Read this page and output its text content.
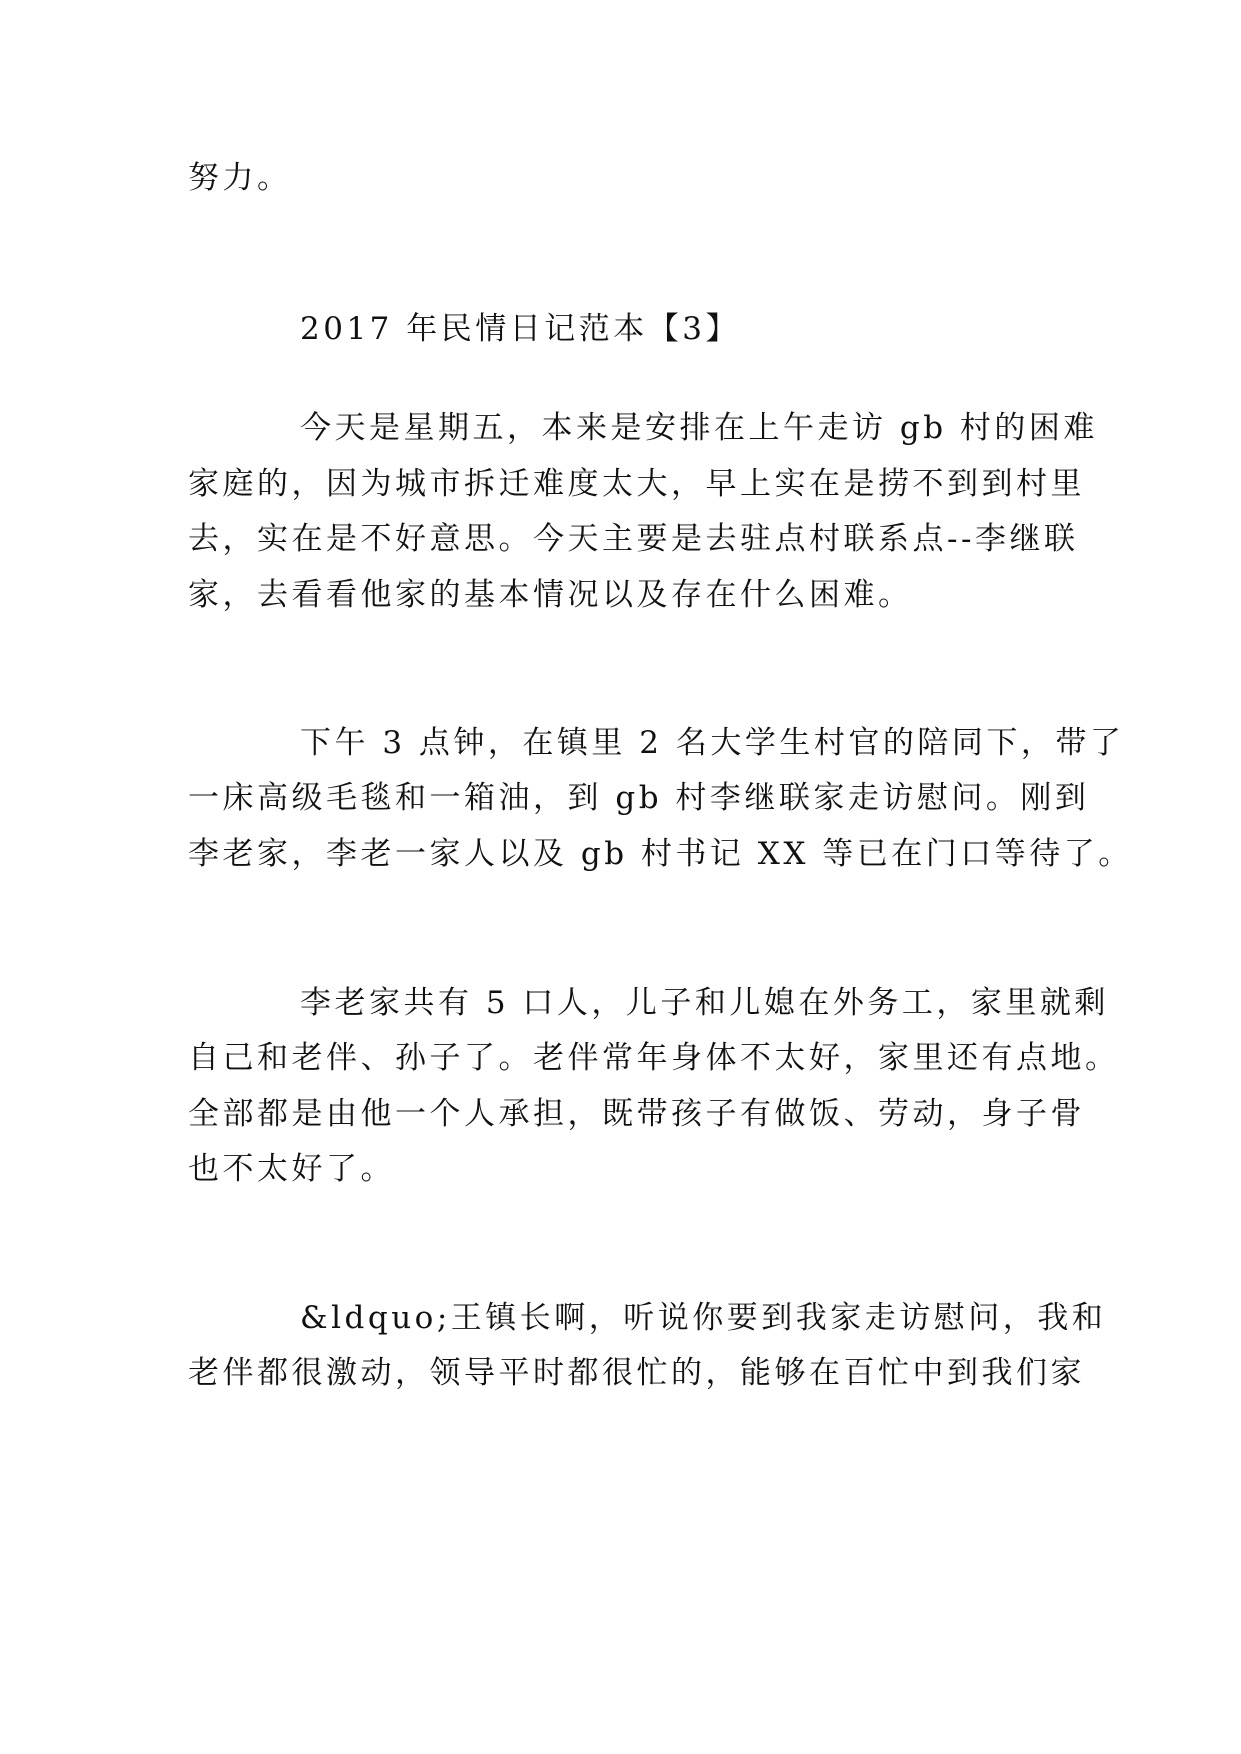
努力。
2017 年民情日记范本【3】
今天是星期五，本来是安排在上午走访 gb 村的困难
家庭的，因为城市拆迁难度太大，早上实在是捞不到到村里
去，实在是不好意思。今天主要是去驻点村联系点--李继联
家，去看看他家的基本情况以及存在什么困难。
下午 3 点钟，在镇里 2 名大学生村官的陪同下，带了
一床高级毛毯和一箱油，到 gb 村李继联家走访慰问。刚到
李老家，李老一家人以及 gb 村书记 XX 等已在门口等待了。
李老家共有 5 口人，儿子和儿媳在外务工，家里就剩
自己和老伴、孙子了。老伴常年身体不太好，家里还有点地。
全部都是由他一个人承担，既带孩子有做饭、劳动，身子骨
也不太好了。
&ldquo;王镇长啊，听说你要到我家走访慰问，我和
老伴都很激动，领导平时都很忙的，能够在百忙中到我们家
